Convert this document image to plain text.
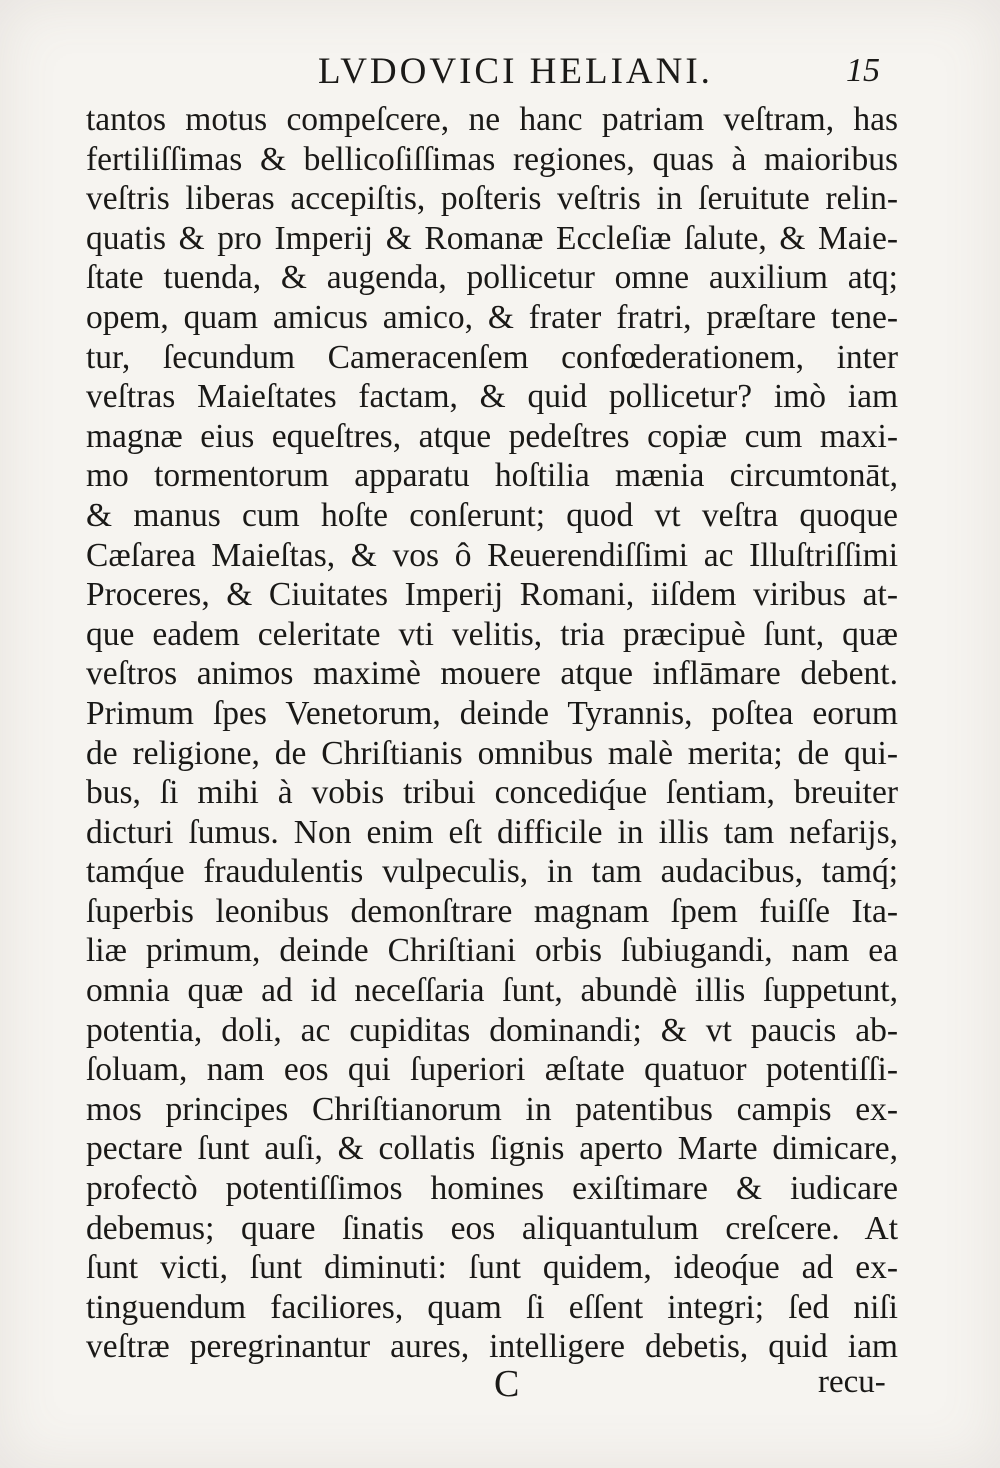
LVDOVICI HELIANI.	15
tantos motus compeſcere, ne hanc patriam veſtram, has
fertiliſſimas & bellicoſiſſimas regiones, quas à maioribus
veſtris liberas accepiſtis, poſteris veſtris in ſeruitute relin-
quatis & pro Imperij & Romanæ Eccleſiæ ſalute, & Maie-
ſtate tuenda, & augenda, pollicetur omne auxilium atq;
opem, quam amicus amico, & frater fratri, præſtare tene-
tur, ſecundum Cameracenſem confœderationem, inter
veſtras Maieſtates factam, & quid pollicetur? imò iam
magnæ eius equeſtres, atque pedeſtres copiæ cum maxi-
mo tormentorum apparatu hoſtilia mænia circumtonāt,
& manus cum hoſte conſerunt; quod vt veſtra quoque
Cæſarea Maieſtas, & vos ô Reuerendiſſimi ac Illuſtriſſimi
Proceres, & Ciuitates Imperij Romani, iiſdem viribus at-
que eadem celeritate vti velitis, tria præcipuè ſunt, quæ
veſtros animos maximè mouere atque inflāmare debent.
Primum ſpes Venetorum, deinde Tyrannis, poſtea eorum
de religione, de Chriſtianis omnibus malè merita; de qui-
bus, ſi mihi à vobis tribui concediq́ue ſentiam, breuiter
dicturi ſumus. Non enim eſt difficile in illis tam nefarijs,
tamq́ue fraudulentis vulpeculis, in tam audacibus, tamq́;
ſuperbis leonibus demonſtrare magnam ſpem fuiſſe Ita-
liæ primum, deinde Chriſtiani orbis ſubiugandi, nam ea
omnia quæ ad id neceſſaria ſunt, abundè illis ſuppetunt,
potentia, doli, ac cupiditas dominandi; & vt paucis ab-
ſoluam, nam eos qui ſuperiori æſtate quatuor potentiſſi-
mos principes Chriſtianorum in patentibus campis ex-
pectare ſunt auſi, & collatis ſignis aperto Marte dimicare,
profectò potentiſſimos homines exiſtimare & iudicare
debemus; quare ſinatis eos aliquantulum creſcere. At
ſunt victi, ſunt diminuti: ſunt quidem, ideoq́ue ad ex-
tinguendum faciliores, quam ſi eſſent integri; ſed niſi
veſtræ peregrinantur aures, intelligere debetis, quid iam
C	recu-
